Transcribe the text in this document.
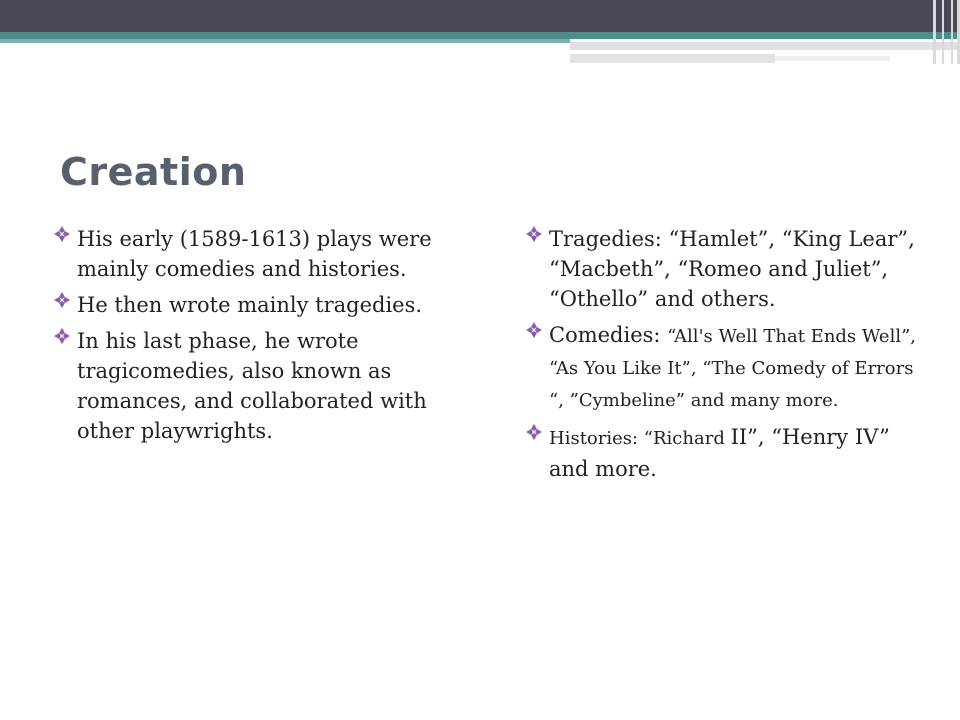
Creation
His early (1589-1613) plays were mainly comedies and histories.
He then wrote mainly tragedies.
In his last phase, he wrote tragicomedies, also known as romances, and collaborated with other playwrights.
Tragedies: “Hamlet”, “King Lear”, “Macbeth”, “Romeo and Juliet”, “Othello” and others.
Comedies: “All's Well That Ends Well”, “As You Like It”, “The Comedy of Errors “, ”Cymbeline” and many more.
Histories: “Richard II”, “Henry IV” and more.
